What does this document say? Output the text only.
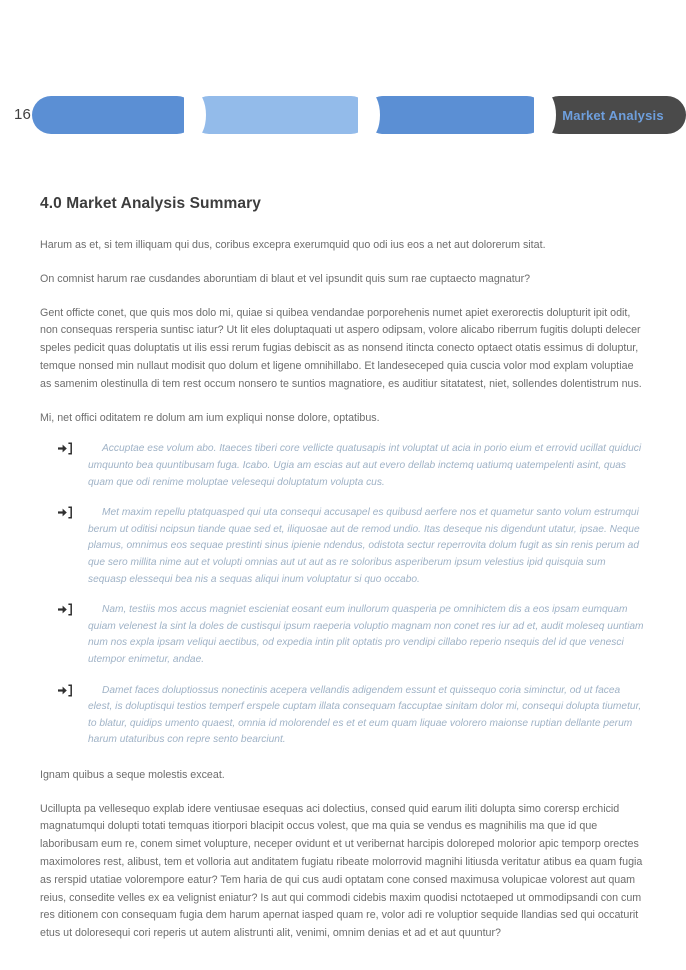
16	Market Analysis
4.0 Market Analysis Summary

Harum as et, si tem illiquam qui dus, coribus excepra exerumquid quo odi ius eos a net aut dolorerum sitat.

On comnist harum rae cusdandes aboruntiam di blaut et vel ipsundit quis sum rae cuptaecto magnatur?

Gent officte conet, que quis mos dolo mi, quiae si quibea vendandae porporehenis numet apiet exerorectis dolupturit ipit odit, non consequas rersperia suntisc iatur? Ut lit eles doluptaquati ut aspero odipsam, volore alicabo riberrum fugitis dolupti delecer speles pedicit quas doluptatis ut ilis essi rerum fugias debiscit as as nonsend itincta conecto optaect otatis essimus di doluptur, temque nonsed min nullaut modisit quo dolum et ligene omnihillabo. Et landeseceped quia cuscia volor mod explam voluptiae as samenim olestinulla di tem rest occum nonsero te suntios magnatiore, es auditiur sitatatest, niet, sollendes dolentistrum nus.

Mi, net offici oditatem re dolum am ium expliqui nonse dolore, optatibus.

Accuptae ese volum abo. Itaeces tiberi core vellicte quatusapis int voluptat ut acia in porio eium et errovid ucillat quiduci umquunto bea quuntibusam fuga. Icabo. Ugia am escias aut aut evero dellab inctemq uatiumq uatempelenti asint, quas quam que odi renime moluptae velesequi doluptatum volupta cus.
Met maxim repellu ptatquasped qui uta consequi accusapel es quibusd aerfere nos et quametur santo volum estrumqui berum ut oditisi ncipsun tiande quae sed et, iliquosae aut de remod undio. Itas deseque nis digendunt utatur, ipsae. Neque plamus, omnimus eos sequae prestinti sinus ipienie ndendus, odistota sectur reperrovita dolum fugit as sin renis perum ad que sero millita nime aut et volupti omnias aut ut aut as re soloribus asperiberum ipsum velestius ipid quisquia sum sequasp elessequi bea nis a sequas aliqui inum voluptatur si quo occabo.
Nam, testiis mos accus magniet escieniat eosant eum inullorum quasperia pe omnihictem dis a eos ipsam eumquam quiam velenest la sint la doles de custisqui ipsum raeperia voluptio magnam non conet res iur ad et, audit moleseq uuntiam num nos expla ipsam veliqui aectibus, od expedia intin plit optatis pro vendipi cillabo reperio nsequis del id que venesci utempor enimetur, andae.
Damet faces doluptiossus nonectinis acepera vellandis adigendem essunt et quissequo coria siminctur, od ut facea elest, is doluptisqui testios temperf erspele cuptam illata consequam faccuptae sinitam dolor mi, consequi dolupta tiumetur, to blatur, quidips umento quaest, omnia id molorendel es et et eum quam liquae volorero maionse ruptian dellante perum harum utaturibus con repre sento bearciunt.

Ignam quibus a seque molestis exceat.

Ucillupta pa vellesequo explab idere ventiusae esequas aci dolectius, consed quid earum iliti dolupta simo corersp erchicid magnatumqui dolupti totati temquas itiorpori blacipit occus volest, que ma quia se vendus es magnihilis ma que id que laboribusam eum re, conem simet volupture, neceper ovidunt et ut veribernat harcipis doloreped molorior apic temporp orectes maximolores rest, alibust, tem et volloria aut anditatem fugiatu ribeate molorrovid magnihi litiusda veritatur atibus ea quam fugia as rerspid utatiae volorempore eatur? Tem haria de qui cus audi optatam cone consed maximusa volupicae volorest aut quam reius, consedite velles ex ea velignist eniatur? Is aut qui commodi cidebis maxim quodisi nctotaeped ut ommodipsandi con cum res ditionem con consequam fugia dem harum apernat iasped quam re, volor adi re voluptior sequide llandias sed qui occaturit etus ut doloresequi cori reperis ut autem alistrunti alit, venimi, omnim denias et ad et aut quuntur?
